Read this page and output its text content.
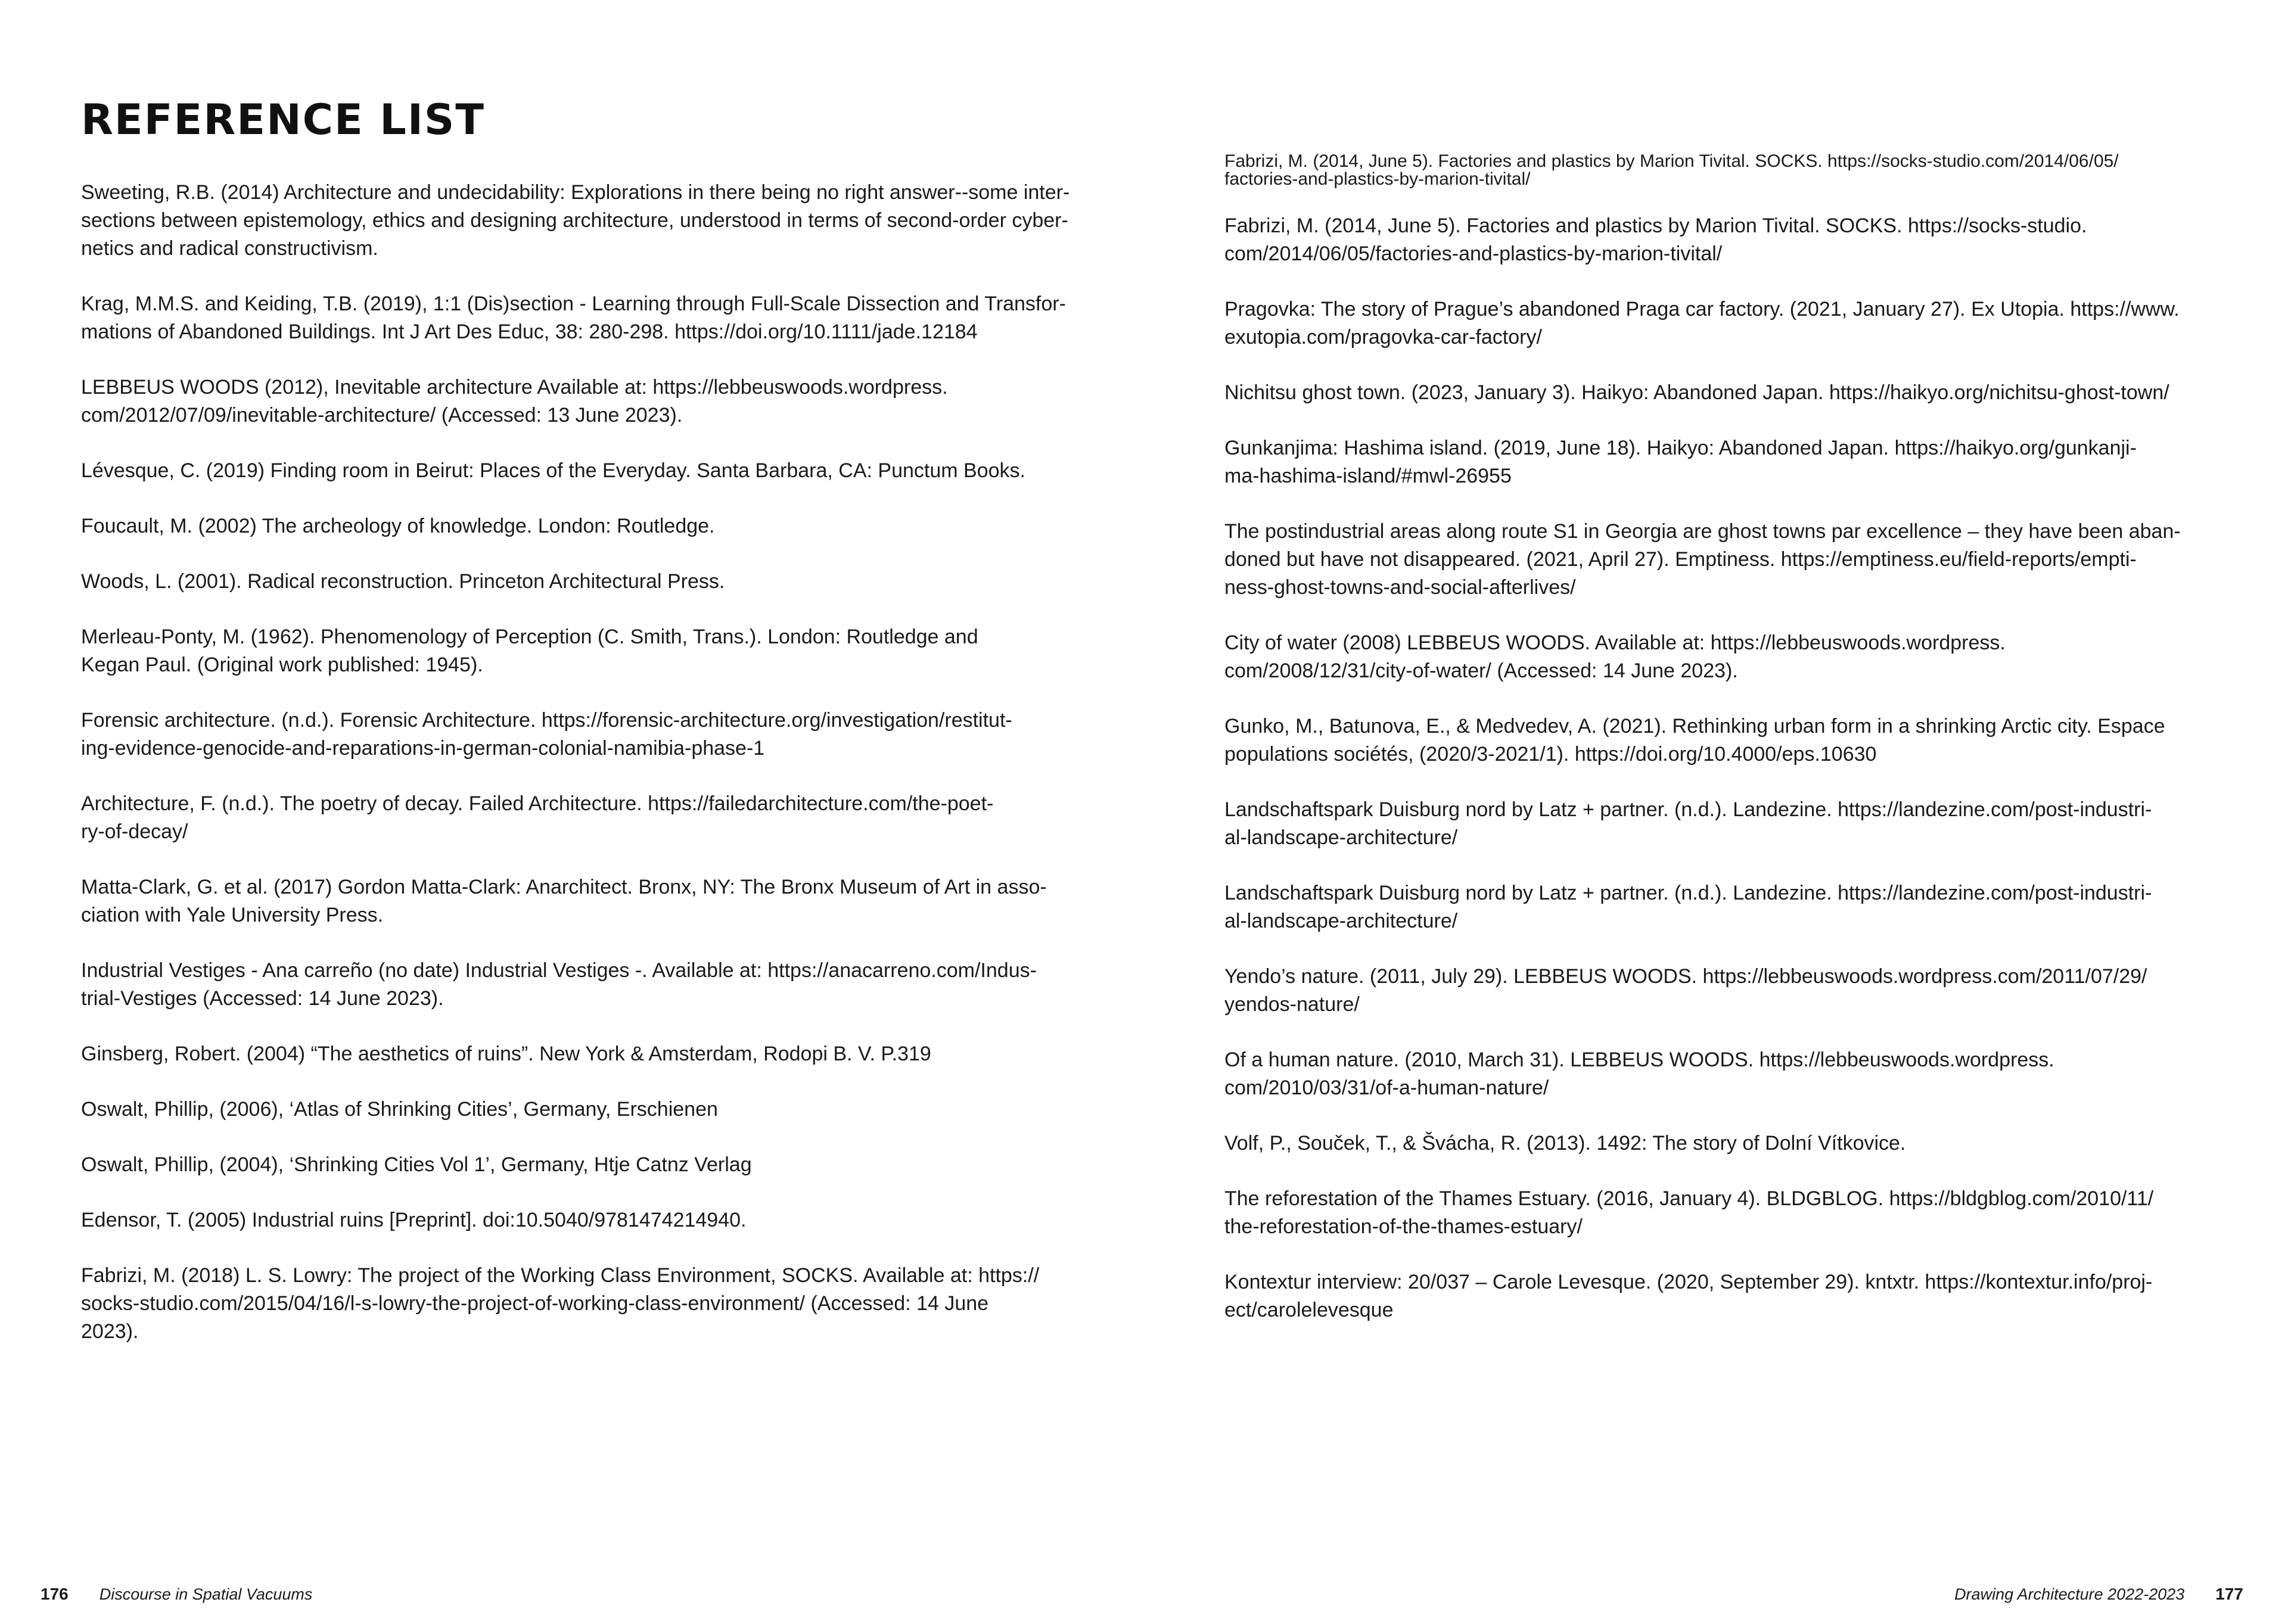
REFERENCE LIST

Sweeting, R.B. (2014) Architecture and undecidability: Explorations in there being no right answer--some inter-
sections between epistemology, ethics and designing architecture, understood in terms of second-order cyber-
netics and radical constructivism.

Krag, M.M.S. and Keiding, T.B. (2019), 1:1 (Dis)section - Learning through Full-Scale Dissection and Transfor-
mations of Abandoned Buildings. Int J Art Des Educ, 38: 280-298. https://doi.org/10.1111/jade.12184

LEBBEUS WOODS (2012), Inevitable architecture Available at: https://lebbeuswoods.wordpress.
com/2012/07/09/inevitable-architecture/ (Accessed: 13 June 2023).

Lévesque, C. (2019) Finding room in Beirut: Places of the Everyday. Santa Barbara, CA: Punctum Books.

Foucault, M. (2002) The archeology of knowledge. London: Routledge.

Woods, L. (2001). Radical reconstruction. Princeton Architectural Press.

Merleau-Ponty, M. (1962). Phenomenology of Perception (C. Smith, Trans.). London: Routledge and
Kegan Paul. (Original work published: 1945).

Forensic architecture. (n.d.). Forensic Architecture. https://forensic-architecture.org/investigation/restitut-
ing-evidence-genocide-and-reparations-in-german-colonial-namibia-phase-1

Architecture, F. (n.d.). The poetry of decay. Failed Architecture. https://failedarchitecture.com/the-poet-
ry-of-decay/

Matta-Clark, G. et al. (2017) Gordon Matta-Clark: Anarchitect. Bronx, NY: The Bronx Museum of Art in asso-
ciation with Yale University Press.

Industrial Vestiges - Ana carreño (no date) Industrial Vestiges -. Available at: https://anacarreno.com/Indus-
trial-Vestiges (Accessed: 14 June 2023).

Ginsberg, Robert. (2004) “The aesthetics of ruins”. New York & Amsterdam, Rodopi B. V. P.319

Oswalt, Phillip, (2006), ‘Atlas of Shrinking Cities’, Germany, Erschienen

Oswalt, Phillip, (2004), ‘Shrinking Cities Vol 1’, Germany, Htje Catnz Verlag

Edensor, T. (2005) Industrial ruins [Preprint]. doi:10.5040/9781474214940.

Fabrizi, M. (2018) L. S. Lowry: The project of the Working Class Environment, SOCKS. Available at: https://
socks-studio.com/2015/04/16/l-s-lowry-the-project-of-working-class-environment/ (Accessed: 14 June
2023).

Fabrizi, M. (2014, June 5). Factories and plastics by Marion Tivital. SOCKS. https://socks-studio.com/2014/06/05/
factories-and-plastics-by-marion-tivital/

Fabrizi, M. (2014, June 5). Factories and plastics by Marion Tivital. SOCKS. https://socks-studio.
com/2014/06/05/factories-and-plastics-by-marion-tivital/

Pragovka: The story of Prague’s abandoned Praga car factory. (2021, January 27). Ex Utopia. https://www.
exutopia.com/pragovka-car-factory/

Nichitsu ghost town. (2023, January 3). Haikyo: Abandoned Japan. https://haikyo.org/nichitsu-ghost-town/

Gunkanjima: Hashima island. (2019, June 18). Haikyo: Abandoned Japan. https://haikyo.org/gunkanji-
ma-hashima-island/#mwl-26955

The postindustrial areas along route S1 in Georgia are ghost towns par excellence – they have been aban-
doned but have not disappeared. (2021, April 27). Emptiness. https://emptiness.eu/field-reports/empti-
ness-ghost-towns-and-social-afterlives/

City of water (2008) LEBBEUS WOODS. Available at: https://lebbeuswoods.wordpress.
com/2008/12/31/city-of-water/ (Accessed: 14 June 2023).

Gunko, M., Batunova, E., & Medvedev, A. (2021). Rethinking urban form in a shrinking Arctic city. Espace
populations sociétés, (2020/3-2021/1). https://doi.org/10.4000/eps.10630

Landschaftspark Duisburg nord by Latz + partner. (n.d.). Landezine. https://landezine.com/post-industri-
al-landscape-architecture/

Landschaftspark Duisburg nord by Latz + partner. (n.d.). Landezine. https://landezine.com/post-industri-
al-landscape-architecture/

Yendo’s nature. (2011, July 29). LEBBEUS WOODS. https://lebbeuswoods.wordpress.com/2011/07/29/
yendos-nature/

Of a human nature. (2010, March 31). LEBBEUS WOODS. https://lebbeuswoods.wordpress.
com/2010/03/31/of-a-human-nature/

Volf, P., Souček, T., & Švácha, R. (2013). 1492: The story of Dolní Vítkovice.

The reforestation of the Thames Estuary. (2016, January 4). BLDGBLOG. https://bldgblog.com/2010/11/
the-reforestation-of-the-thames-estuary/

Kontextur interview: 20/037 – Carole Levesque. (2020, September 29). kntxtr. https://kontextur.info/proj-
ect/carolelevesque

176 Discourse in Spatial Vacuums	Drawing Architecture 2022-2023 177
